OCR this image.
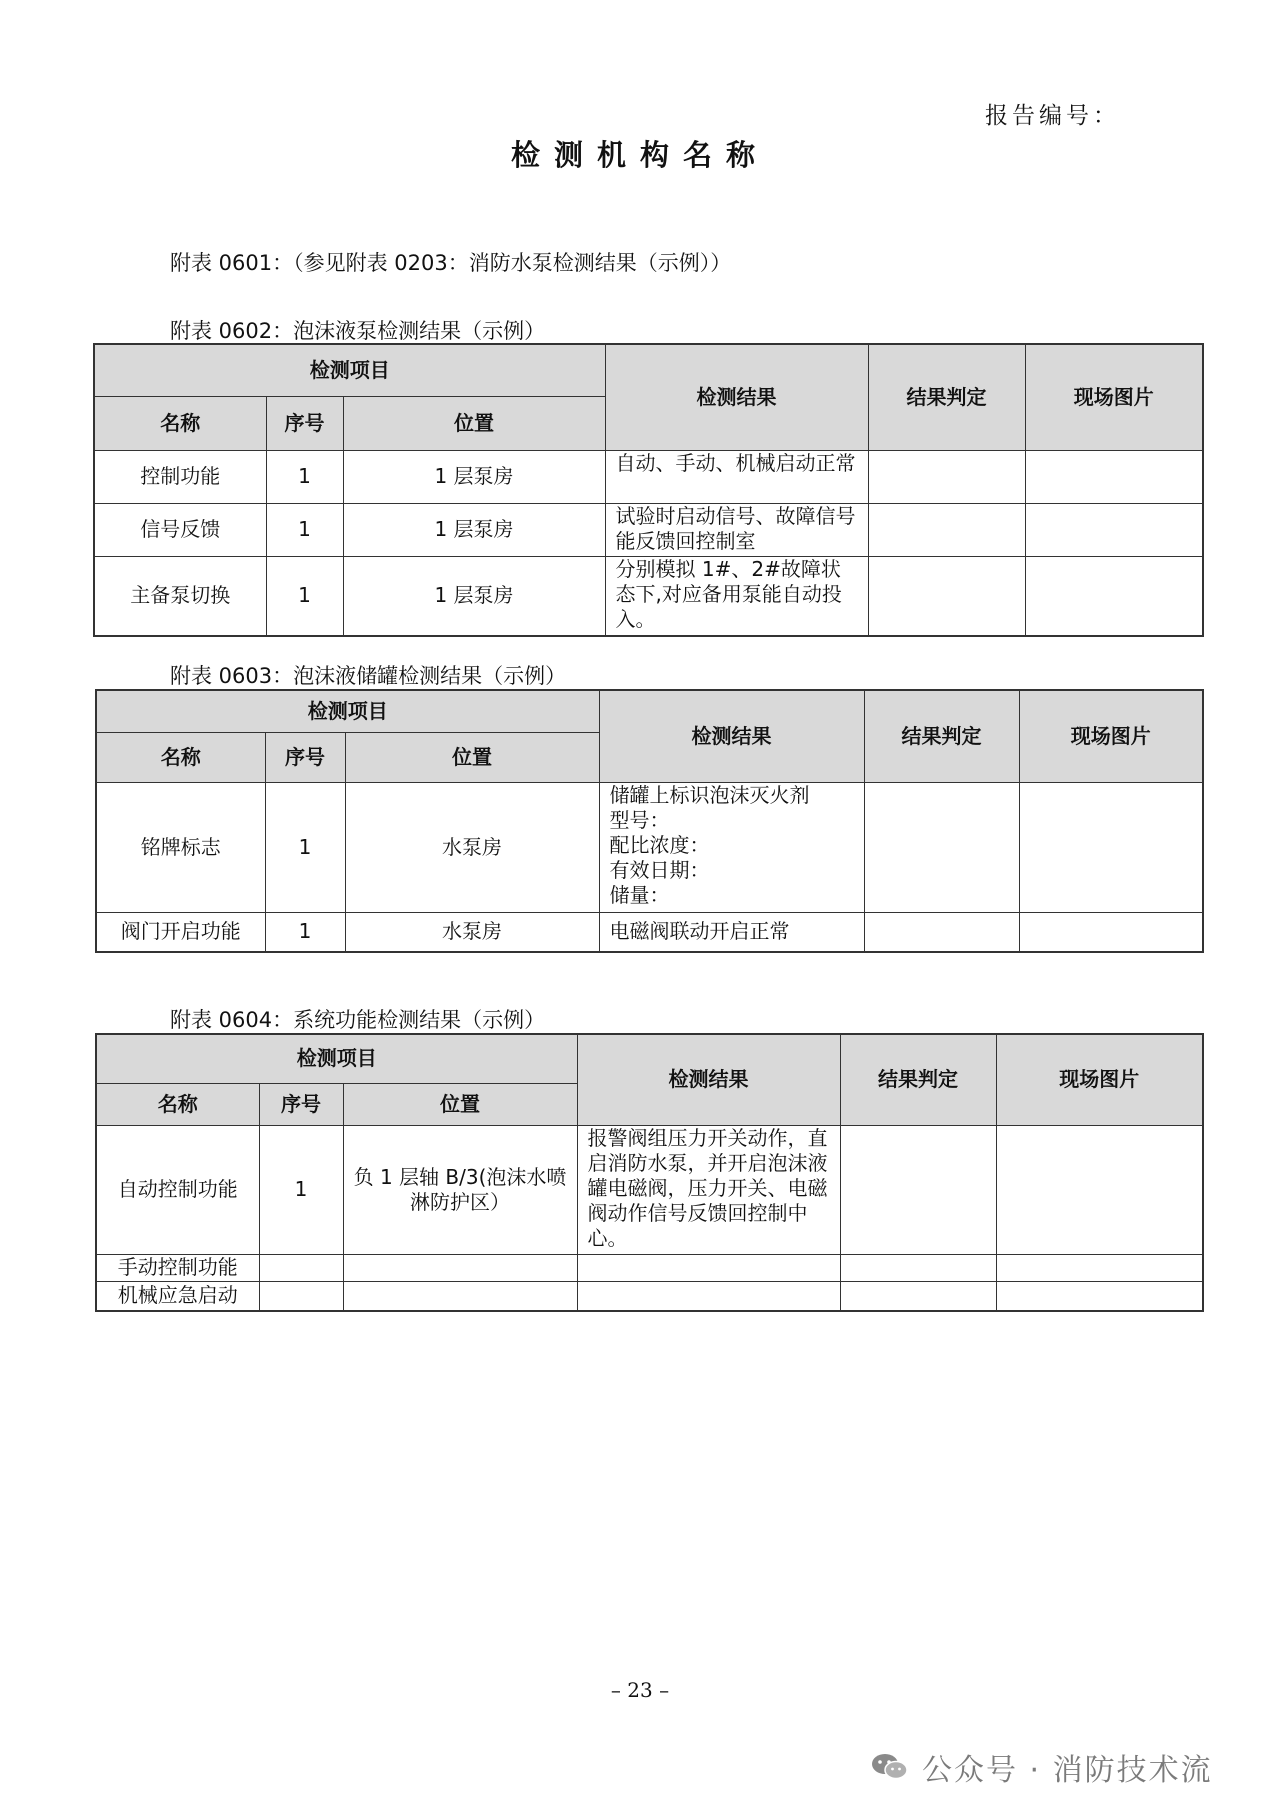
报告编号：
检测机构名称
附表 0601：（参见附表 0203：消防水泵检测结果（示例））
附表 0602：泡沫液泵检测结果（示例）
检测项目			检测结果	结果判定	现场图片
名称	序号	位置			
控制功能	1	1 层泵房	自动、手动、机械启动正常		
信号反馈	1	1 层泵房	试验时启动信号、故障信号能反馈回控制室		
主备泵切换	1	1 层泵房	分别模拟 1#、2#故障状态下,对应备用泵能自动投入。		
附表 0603：泡沫液储罐检测结果（示例）
检测项目			检测结果	结果判定	现场图片
名称	序号	位置			
铭牌标志	1	水泵房	储罐上标识泡沫灭火剂
型号：
配比浓度：
有效日期：
储量：		
阀门开启功能	1	水泵房	电磁阀联动开启正常		
附表 0604：系统功能检测结果（示例）
检测项目			检测结果	结果判定	现场图片
名称	序号	位置			
自动控制功能	1	负 1 层轴 B/3(泡沫水喷淋防护区）	报警阀组压力开关动作，直启消防水泵，并开启泡沫液罐电磁阀，压力开关、电磁阀动作信号反馈回控制中心。		
手动控制功能					
机械应急启动					
– 23 –
公众号 · 消防技术流
